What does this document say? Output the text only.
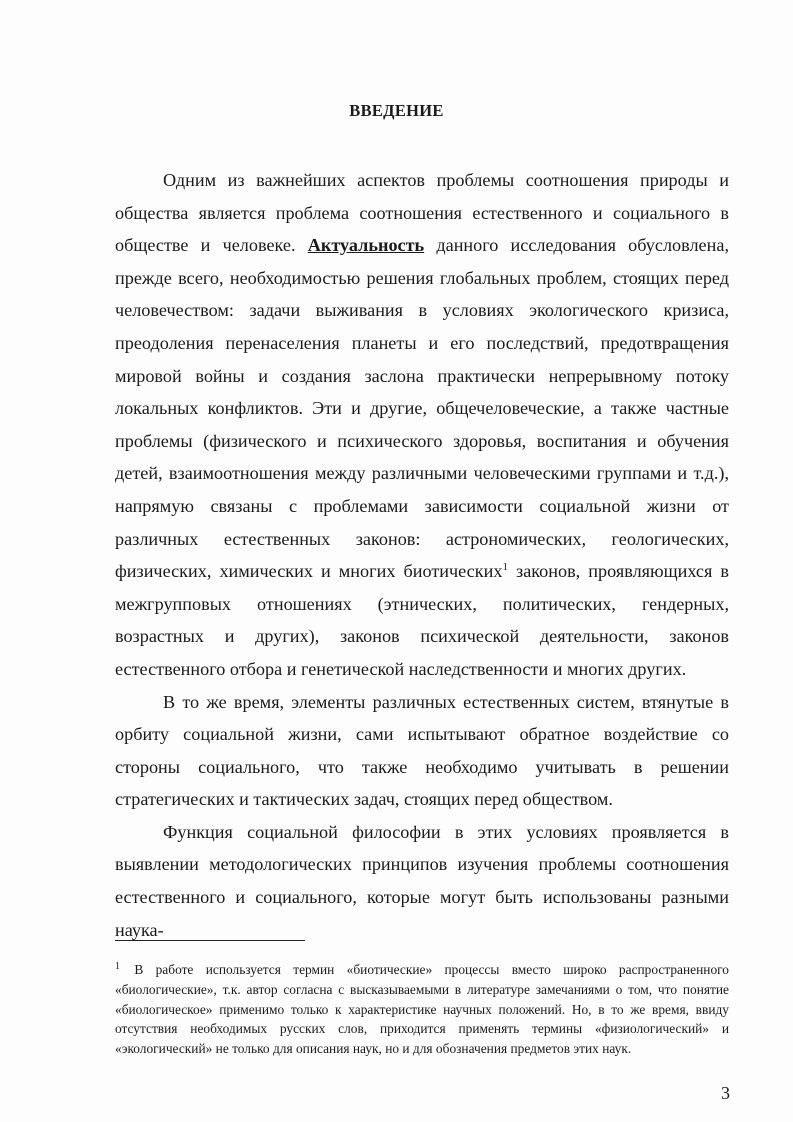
ВВЕДЕНИЕ

Одним из важнейших аспектов проблемы соотношения природы и общества является проблема соотношения естественного и социального в обществе и человеке. Актуальность данного исследования обусловлена, прежде всего, необходимостью решения глобальных проблем, стоящих перед человечеством: задачи выживания в условиях экологического кризиса, преодоления перенаселения планеты и его последствий, предотвращения мировой войны и создания заслона практически непрерывному потоку локальных конфликтов. Эти и другие, общечеловеческие, а также частные проблемы (физического и психического здоровья, воспитания и обучения детей, взаимоотношения между различными человеческими группами и т.д.), напрямую связаны с проблемами зависимости социальной жизни от различных естественных законов: астрономических, геологических, физических, химических и многих биотических$^1$ законов, проявляющихся в межгрупповых отношениях (этнических, политических, гендерных, возрастных и других), законов психической деятельности, законов естественного отбора и генетической наследственности и многих других.

В то же время, элементы различных естественных систем, втянутые в орбиту социальной жизни, сами испытывают обратное воздействие со стороны социального, что также необходимо учитывать в решении стратегических и тактических задач, стоящих перед обществом.

Функция социальной философии в этих условиях проявляется в выявлении методологических принципов изучения проблемы соотношения естественного и социального, которые могут быть использованы разными наука-

$^1$ В работе используется термин «биотические» процессы вместо широко распространенного «биологические», т.к. автор согласна с высказываемыми в литературе замечаниями о том, что понятие «биологическое» применимо только к характеристике научных положений. Но, в то же время, ввиду отсутствия необходимых русских слов, приходится применять термины «физиологический» и «экологический» не только для описания наук, но и для обозначения предметов этих наук.

3
